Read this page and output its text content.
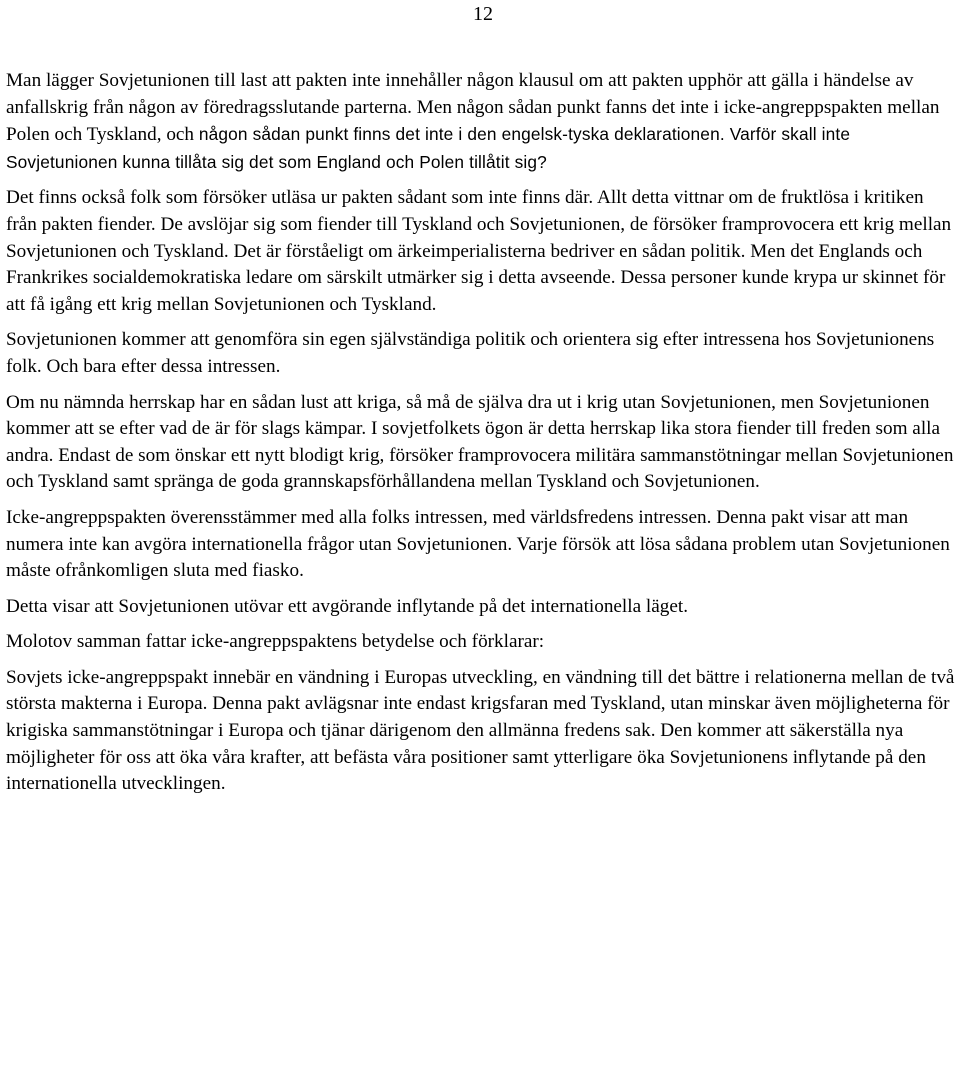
12

Man lägger Sovjetunionen till last att pakten inte innehåller någon klausul om att pakten upphör att gälla i händelse av anfallskrig från någon av föredragsslutande parterna. Men någon sådan punkt fanns det inte i icke-angreppspakten mellan Polen och Tyskland, och någon sådan punkt finns det inte i den engelsk-tyska deklarationen. Varför skall inte Sovjetunionen kunna tillåta sig det som England och Polen tillåtit sig?

Det finns också folk som försöker utläsa ur pakten sådant som inte finns där. Allt detta vittnar om de fruktlösa i kritiken från pakten fiender. De avslöjar sig som fiender till Tyskland och Sovjetunionen, de försöker framprovocera ett krig mellan Sovjetunionen och Tyskland. Det är förståeligt om ärkeimperialisterna bedriver en sådan politik. Men det Englands och Frankrikes socialdemokratiska ledare om särskilt utmärker sig i detta avseende. Dessa personer kunde krypa ur skinnet för att få igång ett krig mellan Sovjetunionen och Tyskland.

Sovjetunionen kommer att genomföra sin egen självständiga politik och orientera sig efter intressena hos Sovjetunionens folk. Och bara efter dessa intressen.

Om nu nämnda herrskap har en sådan lust att kriga, så må de själva dra ut i krig utan Sovjetunionen, men Sovjetunionen kommer att se efter vad de är för slags kämpar. I sovjetfolkets ögon är detta herrskap lika stora fiender till freden som alla andra. Endast de som önskar ett nytt blodigt krig, försöker framprovocera militära sammanstötningar mellan Sovjetunionen och Tyskland samt spränga de goda grannskapsförhållandena mellan Tyskland och Sovjetunionen.

Icke-angreppspakten överensstämmer med alla folks intressen, med världsfredens intressen. Denna pakt visar att man numera inte kan avgöra internationella frågor utan Sovjetunionen. Varje försök att lösa sådana problem utan Sovjetunionen måste ofrånkomligen sluta med fiasko.

Detta visar att Sovjetunionen utövar ett avgörande inflytande på det internationella läget.

Molotov samman fattar icke-angreppspaktens betydelse och förklarar:

Sovjets icke-angreppspakt innebär en vändning i Europas utveckling, en vändning till det bättre i relationerna mellan de två största makterna i Europa. Denna pakt avlägsnar inte endast krigsfaran med Tyskland, utan minskar även möjligheterna för krigiska sammanstötningar i Europa och tjänar därigenom den allmänna fredens sak. Den kommer att säkerställa nya möjligheter för oss att öka våra krafter, att befästa våra positioner samt ytterligare öka Sovjetunionens inflytande på den internationella utvecklingen.
